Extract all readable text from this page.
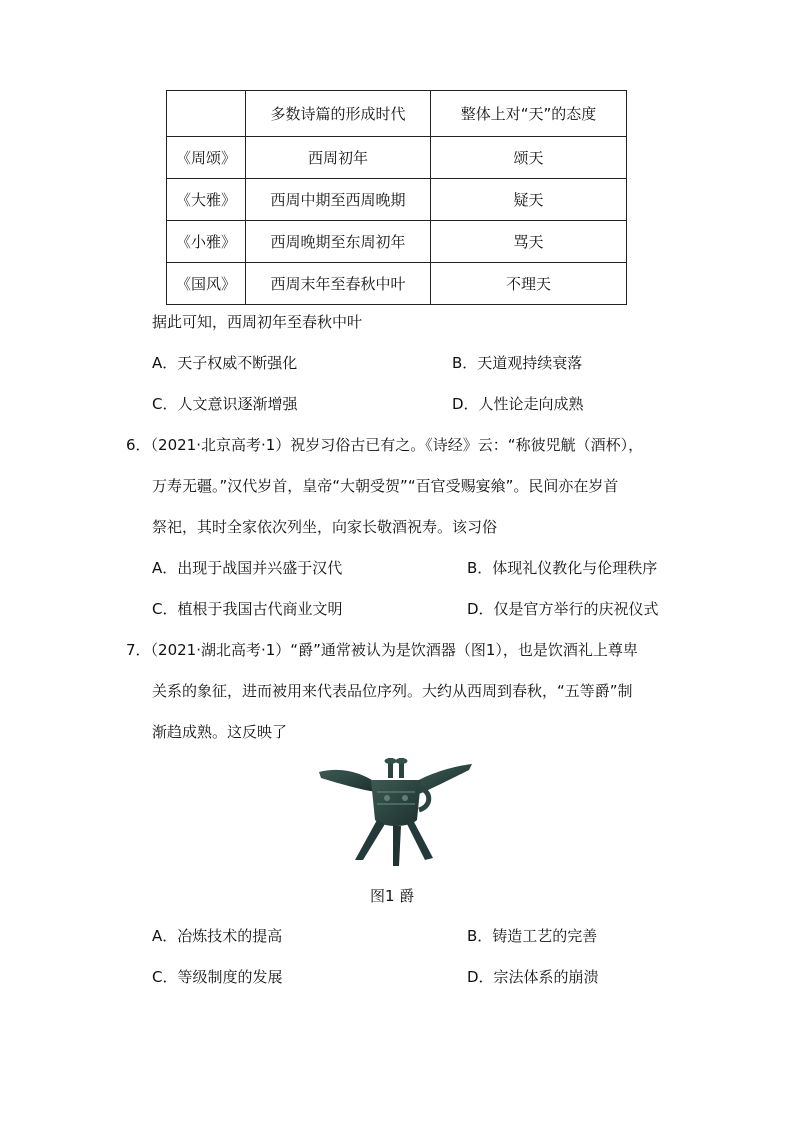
	多数诗篇的形成时代	整体上对“天”的态度
《周颂》	西周初年	颂天
《大雅》	西周中期至西周晚期	疑天
《小雅》	西周晚期至东周初年	骂天
《国风》	西周末年至春秋中叶	不理天
据此可知，西周初年至春秋中叶
A．天子权威不断强化	B．天道观持续衰落
C．人文意识逐渐增强	D．人性论走向成熟
6．（2021·北京高考·1）祝岁习俗古已有之。《诗经》云：“称彼兕觥（酒杯），
万寿无疆。”汉代岁首，皇帝“大朝受贺”“百官受赐宴飨”。民间亦在岁首
祭祀，其时全家依次列坐，向家长敬酒祝寿。该习俗
A．出现于战国并兴盛于汉代	B．体现礼仪教化与伦理秩序
C．植根于我国古代商业文明	D．仅是官方举行的庆祝仪式
7．（2021·湖北高考·1）“爵”通常被认为是饮酒器（图1），也是饮酒礼上尊卑
关系的象征，进而被用来代表品位序列。大约从西周到春秋，“五等爵”制
渐趋成熟。这反映了
图1 爵
A．冶炼技术的提高	B．铸造工艺的完善
C．等级制度的发展	D．宗法体系的崩溃
